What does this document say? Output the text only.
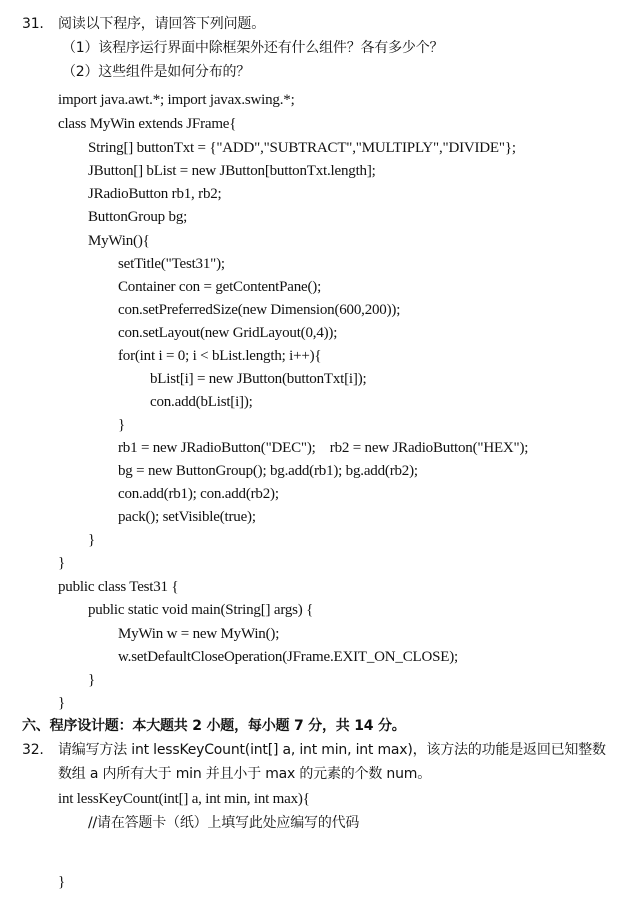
31. 阅读以下程序，请回答下列问题。
（1）该程序运行界面中除框架外还有什么组件？各有多少个？
（2）这些组件是如何分布的？
import java.awt.*; import javax.swing.*;
class MyWin extends JFrame{
String[] buttonTxt = {"ADD","SUBTRACT","MULTIPLY","DIVIDE"};
JButton[] bList = new JButton[buttonTxt.length];
JRadioButton rb1, rb2;
ButtonGroup bg;
MyWin(){
setTitle("Test31");
Container con = getContentPane();
con.setPreferredSize(new Dimension(600,200));
con.setLayout(new GridLayout(0,4));
for(int i = 0; i < bList.length; i++){
bList[i] = new JButton(buttonTxt[i]);
con.add(bList[i]);
}
rb1 = new JRadioButton("DEC");    rb2 = new JRadioButton("HEX");
bg = new ButtonGroup(); bg.add(rb1); bg.add(rb2);
con.add(rb1); con.add(rb2);
pack(); setVisible(true);
}
}
public class Test31 {
public static void main(String[] args) {
MyWin w = new MyWin();
w.setDefaultCloseOperation(JFrame.EXIT_ON_CLOSE);
}
}
六、程序设计题：本大题共 2 小题，每小题 7 分，共 14 分。
32. 请编写方法 int lessKeyCount(int[] a, int min, int max)，该方法的功能是返回已知整数
数组 a 内所有大于 min 并且小于 max 的元素的个数 num。
int lessKeyCount(int[] a, int min, int max){
//请在答题卡（纸）上填写此处应编写的代码
}
